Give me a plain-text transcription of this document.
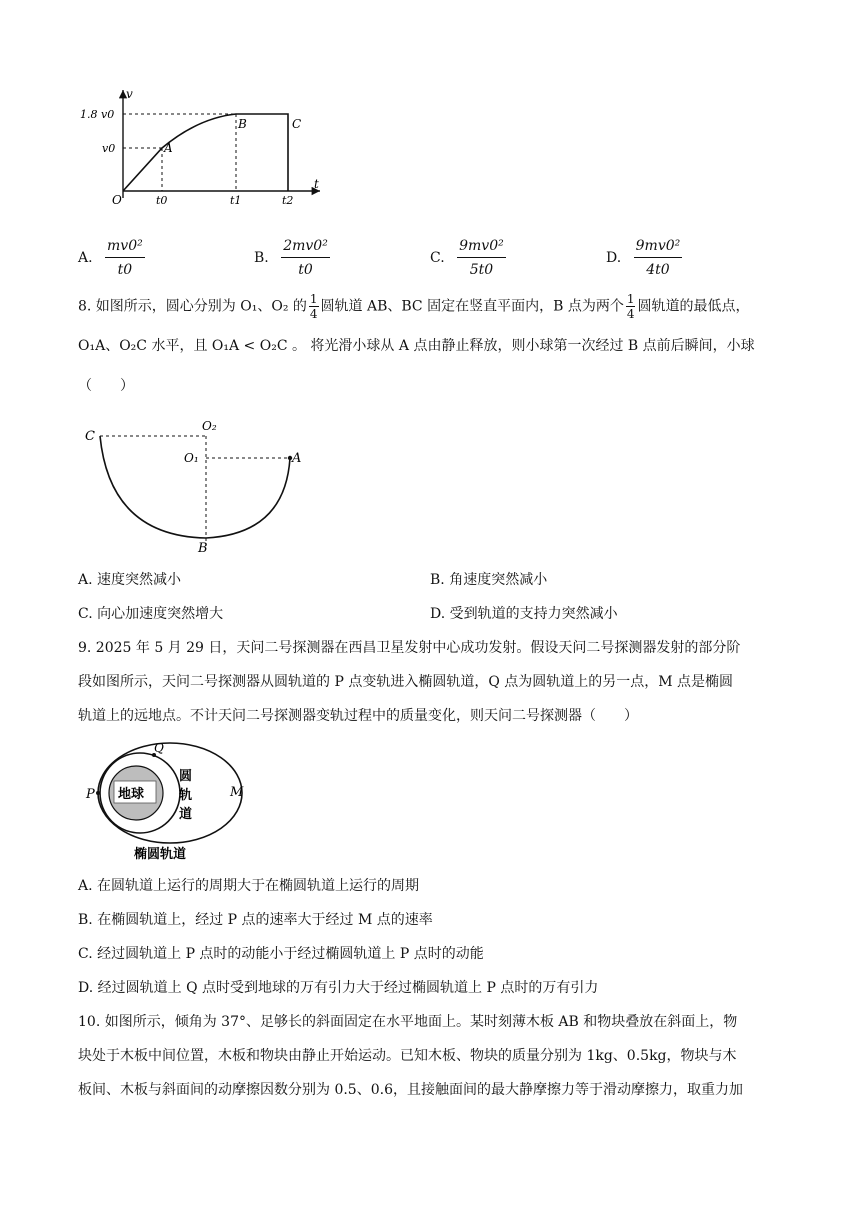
v
t
O
1.8 v0
v0
t0	t1	t2
A
B	C
A. $\frac{\text{mv0²}}{t0}$	B. $\frac{\text{2mv0²}}{t0}$	C. $\frac{\text{9mv0²}}{5t0}$	D. $\frac{\text{9mv0²}}{4t0}$
8. 如图所示，圆心分别为 O₁、O₂ 的 $\frac{1}{4}$ 圆轨道 AB、BC 固定在竖直平面内，B 点为两个 $\frac{1}{4}$ 圆轨道的最低点，
O₁A、O₂C 水平，且 O₁A < O₂C 。 将光滑小球从 A 点由静止释放，则小球第一次经过 B 点前后瞬间，小球
（　　）
C
O₂
O₁	A
B
A. 速度突然减小	B. 角速度突然减小
C. 向心加速度突然增大	D. 受到轨道的支持力突然减小
9. 2025 年 5 月 29 日，天问二号探测器在西昌卫星发射中心成功发射。假设天问二号探测器发射的部分阶
段如图所示，天问二号探测器从圆轨道的 P 点变轨进入椭圆轨道，Q 点为圆轨道上的另一点，M 点是椭圆
轨道上的远地点。不计天问二号探测器变轨过程中的质量变化，则天问二号探测器（　　）
地球
P
Q
M
圆
轨
道
椭圆轨道
A. 在圆轨道上运行的周期大于在椭圆轨道上运行的周期
B. 在椭圆轨道上，经过 P 点的速率大于经过 M 点的速率
C. 经过圆轨道上 P 点时的动能小于经过椭圆轨道上 P 点时的动能
D. 经过圆轨道上 Q 点时受到地球的万有引力大于经过椭圆轨道上 P 点时的万有引力
10. 如图所示，倾角为 37°、足够长的斜面固定在水平地面上。某时刻薄木板 AB 和物块叠放在斜面上，物
块处于木板中间位置，木板和物块由静止开始运动。已知木板、物块的质量分别为 1kg、0.5kg，物块与木
板间、木板与斜面间的动摩擦因数分别为 0.5、0.6，且接触面间的最大静摩擦力等于滑动摩擦力，取重力加
